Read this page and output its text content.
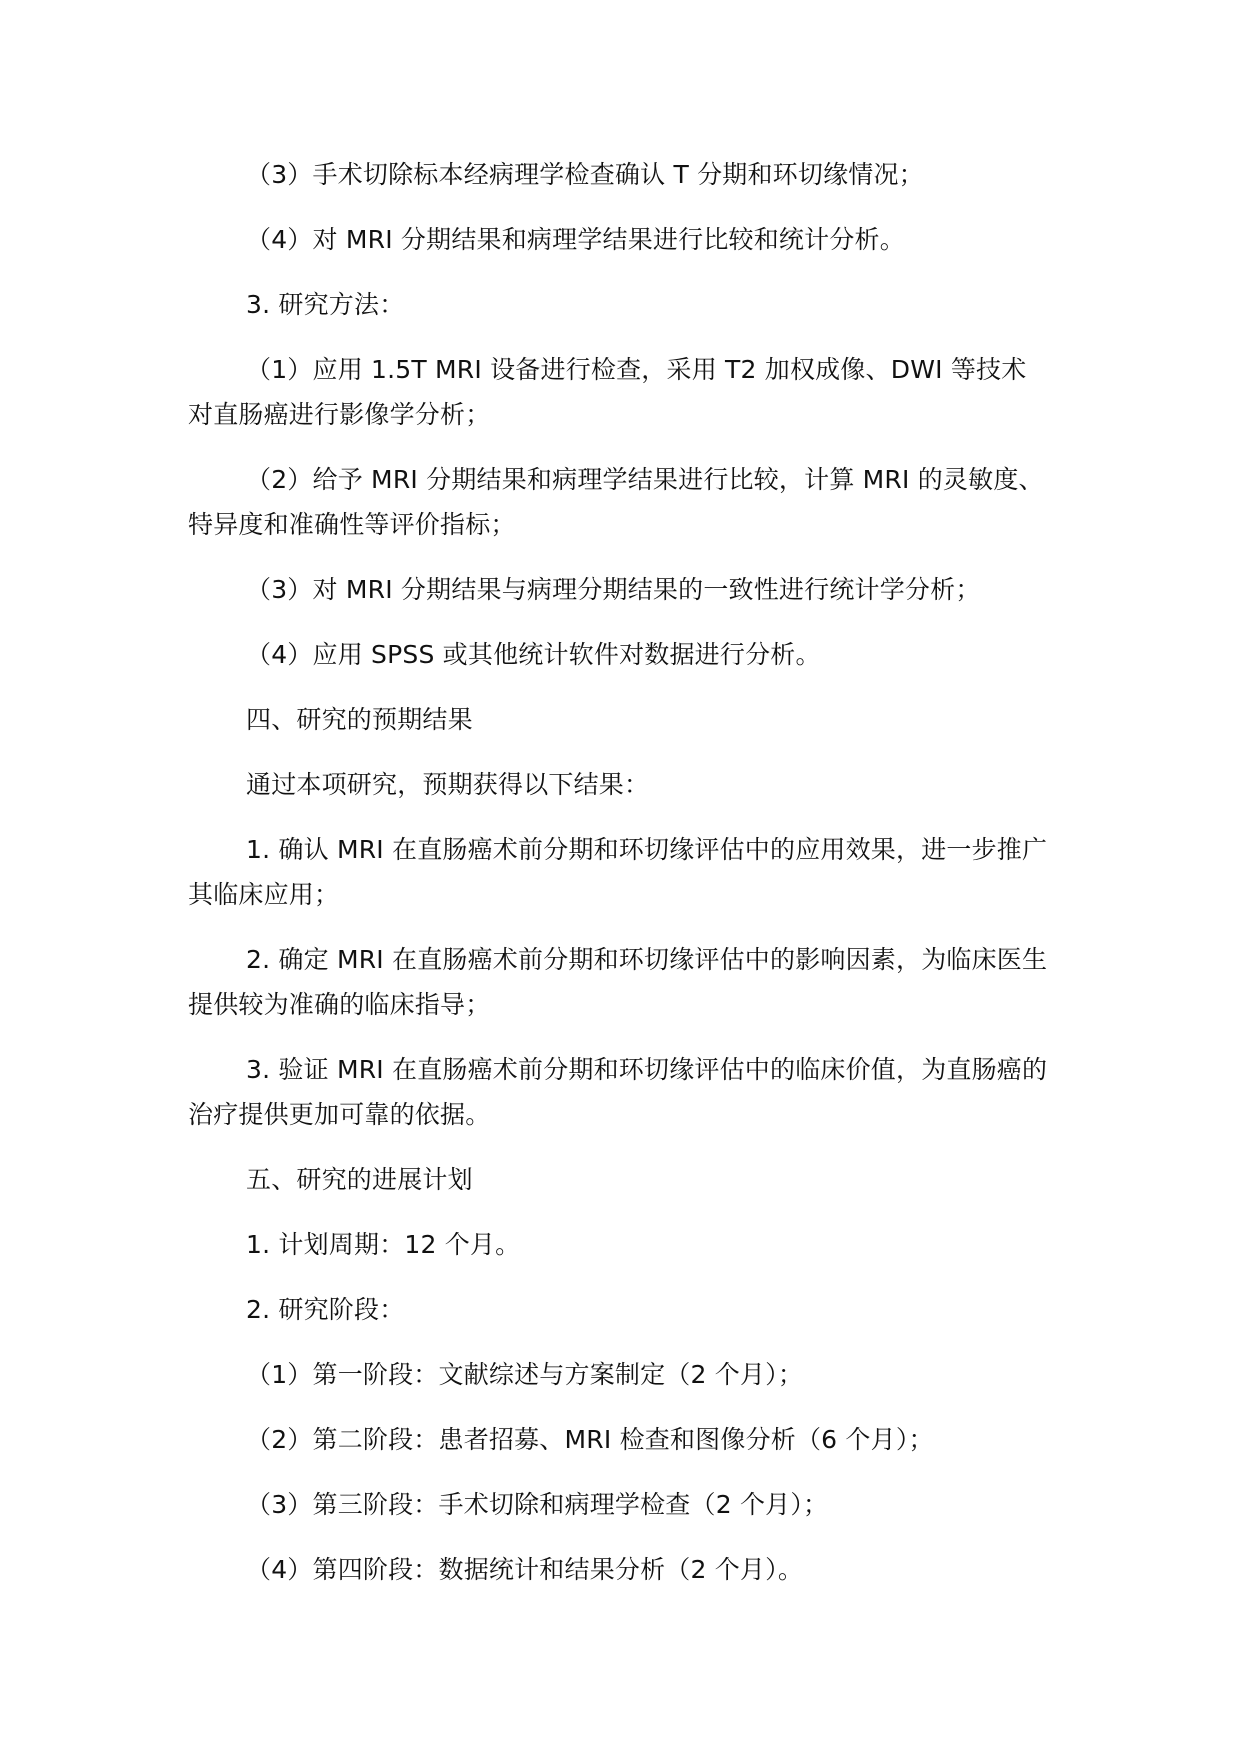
（3）手术切除标本经病理学检查确认 T 分期和环切缘情况；

（4）对 MRI 分期结果和病理学结果进行比较和统计分析。

3. 研究方法：

（1）应用 1.5T MRI 设备进行检查，采用 T2 加权成像、DWI 等技术对直肠癌进行影像学分析；

（2）给予 MRI 分期结果和病理学结果进行比较，计算 MRI 的灵敏度、特异度和准确性等评价指标；

（3）对 MRI 分期结果与病理分期结果的一致性进行统计学分析；

（4）应用 SPSS 或其他统计软件对数据进行分析。

四、研究的预期结果

通过本项研究，预期获得以下结果：

1. 确认 MRI 在直肠癌术前分期和环切缘评估中的应用效果，进一步推广其临床应用；

2. 确定 MRI 在直肠癌术前分期和环切缘评估中的影响因素，为临床医生提供较为准确的临床指导；

3. 验证 MRI 在直肠癌术前分期和环切缘评估中的临床价值，为直肠癌的治疗提供更加可靠的依据。

五、研究的进展计划

1. 计划周期：12 个月。

2. 研究阶段：

（1）第一阶段：文献综述与方案制定（2 个月）；

（2）第二阶段：患者招募、MRI 检查和图像分析（6 个月）；

（3）第三阶段：手术切除和病理学检查（2 个月）；

（4）第四阶段：数据统计和结果分析（2 个月）。
